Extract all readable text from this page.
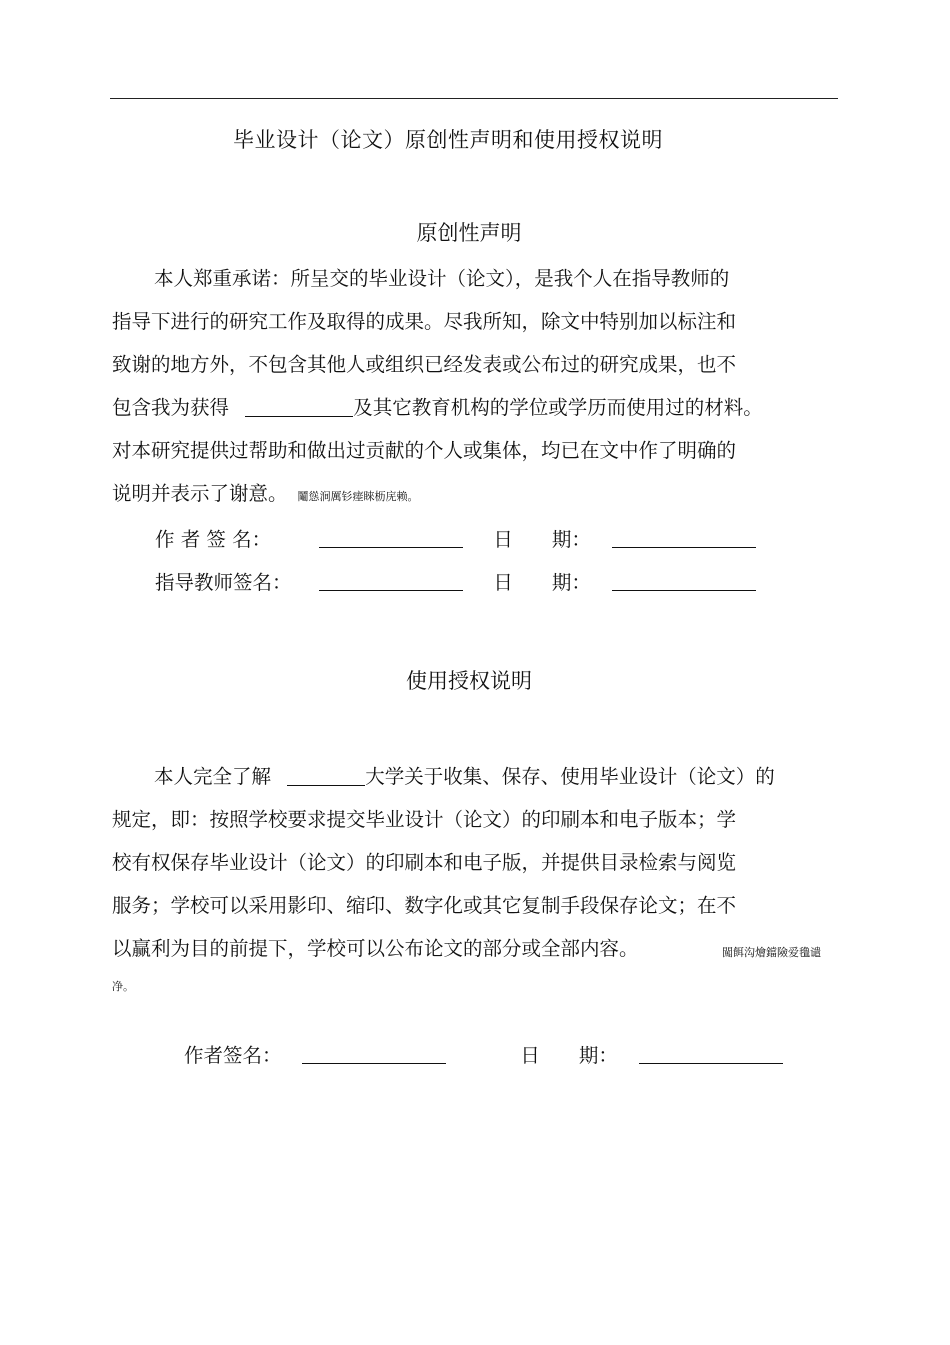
毕业设计（论文）原创性声明和使用授权说明
原创性声明
本人郑重承诺：所呈交的毕业设计（论文），是我个人在指导教师的
指导下进行的研究工作及取得的成果。尽我所知，除文中特别加以标注和
致谢的地方外，不包含其他人或组织已经发表或公布过的研究成果，也不
包含我为获得	及其它教育机构的学位或学历而使用过的材料。
对本研究提供过帮助和做出过贡献的个人或集体，均已在文中作了明确的
说明并表示了谢意。 鬮慫涧厲钐瘗睞枥庑赖。
作 者 签 名：	日　　期：
指导教师签名：	日　　期：
使用授权说明
本人完全了解	大学关于收集、保存、使用毕业设计（论文）的
规定，即：按照学校要求提交毕业设计（论文）的印刷本和电子版本；学
校有权保存毕业设计（论文）的印刷本和电子版，并提供目录检索与阅览
服务；学校可以采用影印、缩印、数字化或其它复制手段保存论文；在不
以赢利为目的前提下，学校可以公布论文的部分或全部内容。	闖餌沟燴鐺險爱氇谴
净。
作者签名：	日　　期：
